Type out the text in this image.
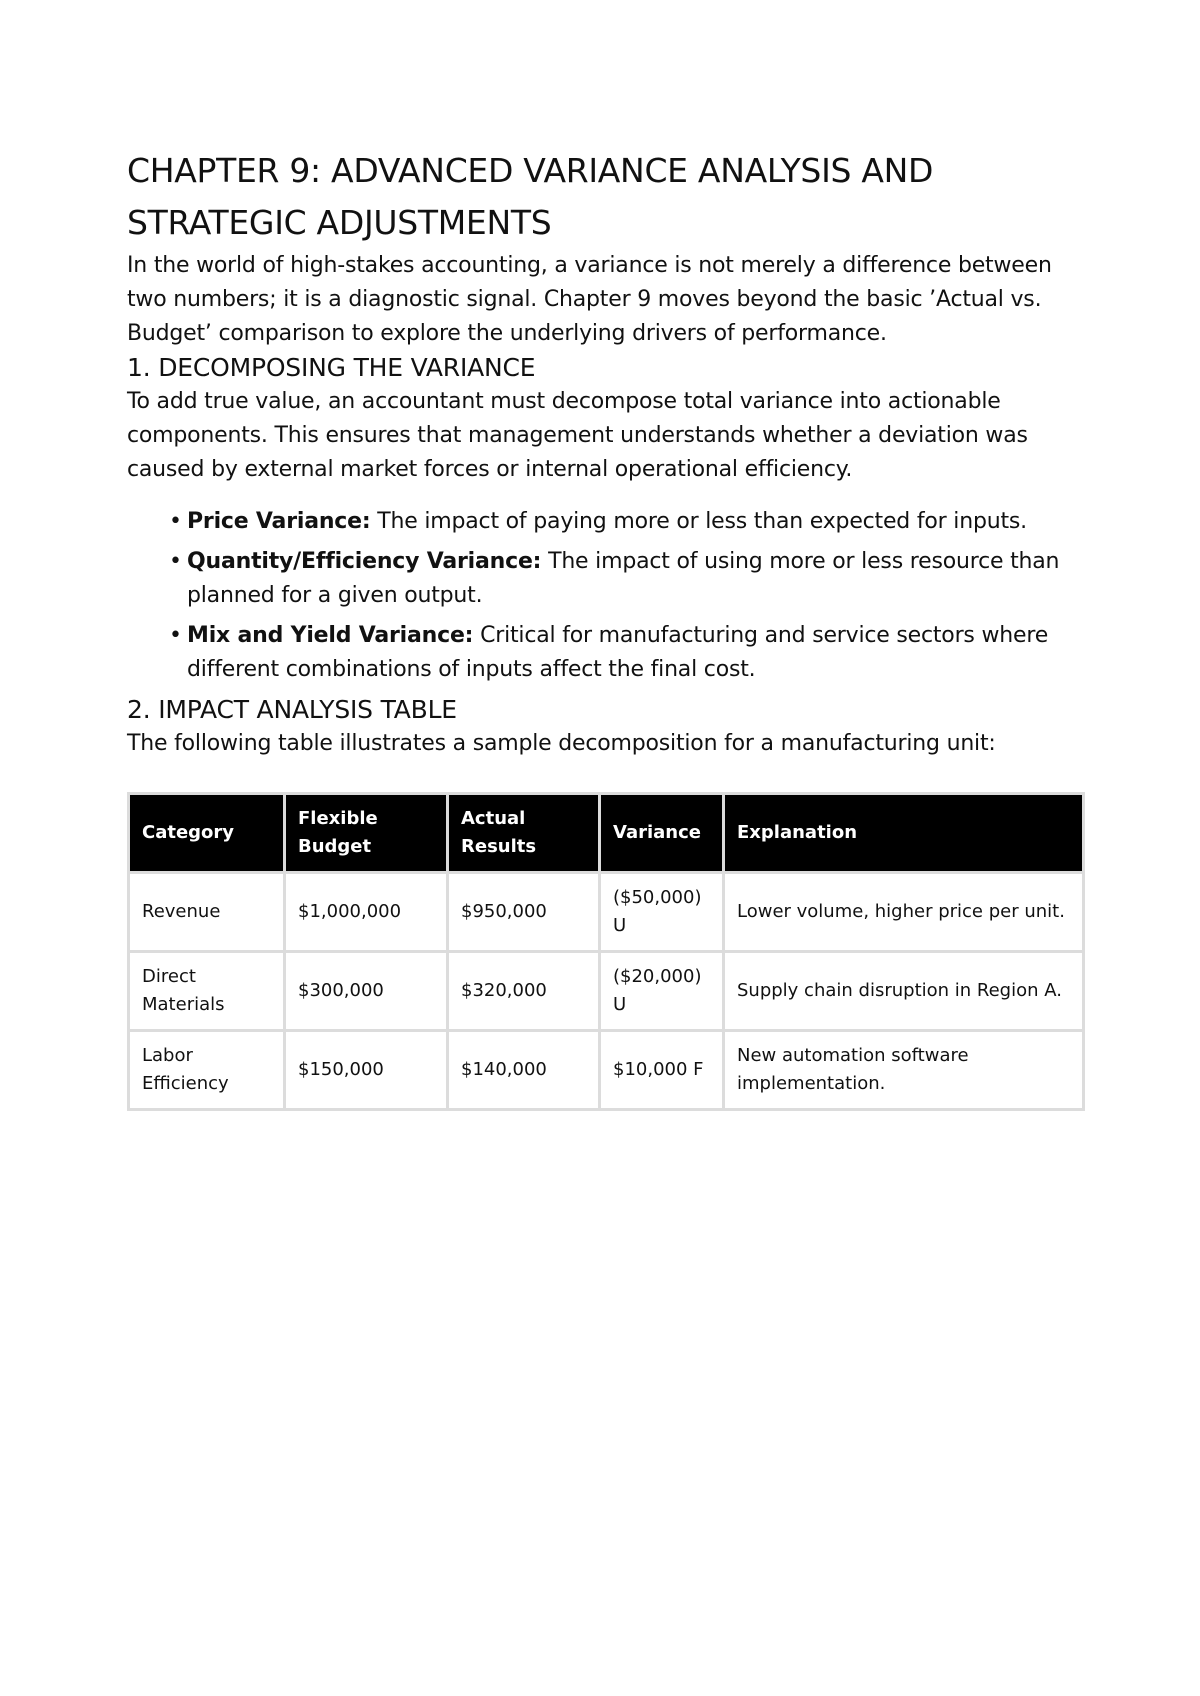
CHAPTER 9: ADVANCED VARIANCE ANALYSIS AND STRATEGIC ADJUSTMENTS

In the world of high-stakes accounting, a variance is not merely a difference between two numbers; it is a diagnostic signal. Chapter 9 moves beyond the basic ’Actual vs. Budget’ comparison to explore the underlying drivers of performance.

1. DECOMPOSING THE VARIANCE

To add true value, an accountant must decompose total variance into actionable components. This ensures that management understands whether a deviation was caused by external market forces or internal operational efficiency.

• Price Variance: The impact of paying more or less than expected for inputs.
• Quantity/Efficiency Variance: The impact of using more or less resource than planned for a given output.
• Mix and Yield Variance: Critical for manufacturing and service sectors where different combinations of inputs affect the final cost.
2. IMPACT ANALYSIS TABLE

The following table illustrates a sample decomposition for a manufacturing unit:

Category	Flexible Budget	Actual Results	Variance	Explanation
Revenue	$1,000,000	$950,000	($50,000) U	Lower volume, higher price per unit.
Direct Materials	$300,000	$320,000	($20,000) U	Supply chain disruption in Region A.
Labor Efficiency	$150,000	$140,000	$10,000 F	New automation software implementation.
